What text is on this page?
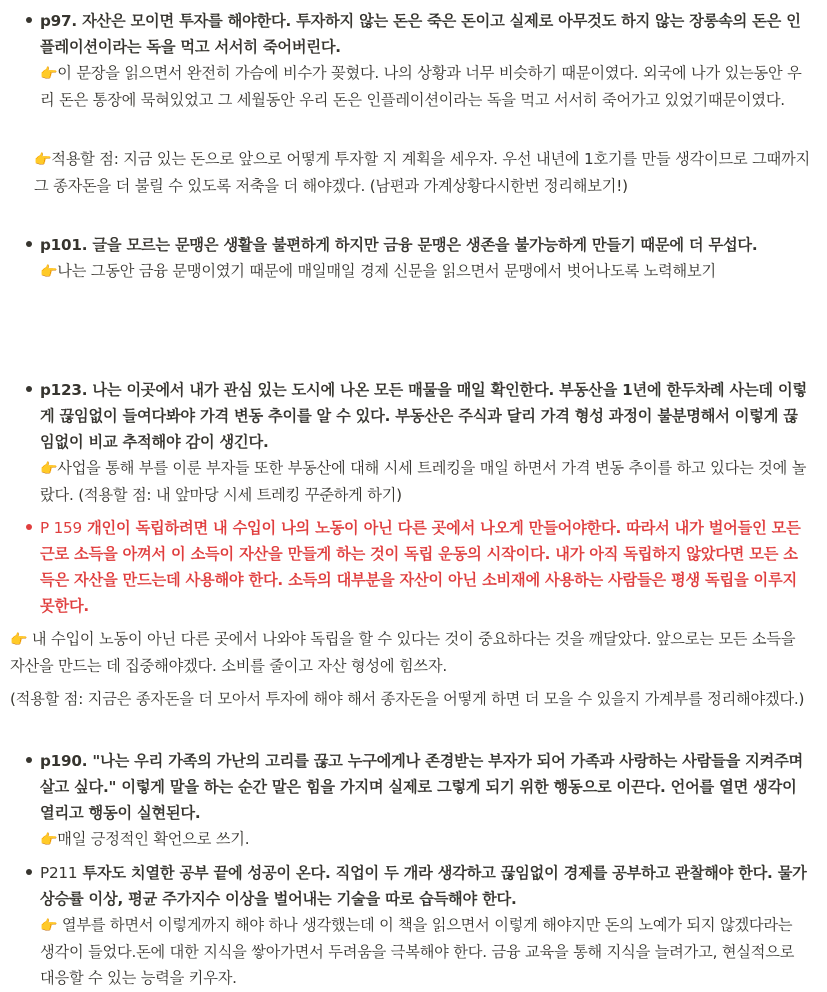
p97. 자산은 모이면 투자를 해야한다. 투자하지 않는 돈은 죽은 돈이고 실제로 아무것도 하지 않는 장롱속의 돈은 인플레이션이라는 독을 먹고 서서히 죽어버린다.
👉이 문장을 읽으면서 완전히 가슴에 비수가 꽂혔다. 나의 상황과 너무 비슷하기 때문이였다. 외국에 나가 있는동안 우리 돈은 통장에 묵혀있었고 그 세월동안 우리 돈은 인플레이션이라는 독을 먹고 서서히 죽어가고 있었기때문이였다.
👉적용할 점: 지금 있는 돈으로 앞으로 어떻게 투자할 지 계획을 세우자. 우선 내년에 1호기를 만들 생각이므로 그때까지 그 종자돈을 더 불릴 수 있도록 저축을 더 해야겠다. (남편과 가계상황다시한번 정리해보기!)
p101. 글을 모르는 문맹은 생활을 불편하게 하지만 금융 문맹은 생존을 불가능하게 만들기 때문에 더 무섭다.
👉나는 그동안 금융 문맹이였기 때문에 매일매일 경제 신문을 읽으면서 문맹에서 벗어나도록 노력해보기
p123. 나는 이곳에서 내가 관심 있는 도시에 나온 모든 매물을 매일 확인한다. 부동산을 1년에 한두차례 사는데 이렇게 끊임없이 들여다봐야 가격 변동 추이를 알 수 있다. 부동산은 주식과 달리 가격 형성 과정이 불분명해서 이렇게 끊임없이 비교 추적해야 감이 생긴다.
👉사업을 통해 부를 이룬 부자들 또한 부동산에 대해 시세 트레킹을 매일 하면서 가격 변동 추이를 하고 있다는 것에 놀랐다. (적용할 점: 내 앞마당 시세 트레킹 꾸준하게 하기)
P 159 개인이 독립하려면 내 수입이 나의 노동이 아닌 다른 곳에서 나오게 만들어야한다. 따라서 내가 벌어들인 모든 근로 소득을 아껴서 이 소득이 자산을 만들게 하는 것이 독립 운동의 시작이다. 내가 아직 독립하지 않았다면 모든 소득은 자산을 만드는데 사용해야 한다. 소득의 대부분을 자산이 아닌 소비재에 사용하는 사람들은 평생 독립을 이루지 못한다.
👉 내 수입이 노동이 아닌 다른 곳에서 나와야 독립을 할 수 있다는 것이 중요하다는 것을 깨달았다. 앞으로는 모든 소득을 자산을 만드는 데 집중해야겠다. 소비를 줄이고 자산 형성에 힘쓰자.
(적용할 점: 지금은 종자돈을 더 모아서 투자에 해야 해서 종자돈을 어떻게 하면 더 모을 수 있을지 가계부를 정리해야겠다.)
p190. "나는 우리 가족의 가난의 고리를 끊고 누구에게나 존경받는 부자가 되어 가족과 사랑하는 사람들을 지켜주며 살고 싶다." 이렇게 말을 하는 순간 말은 힘을 가지며 실제로 그렇게 되기 위한 행동으로 이끈다. 언어를 열면 생각이 열리고 행동이 실현된다.
👉매일 긍정적인 확언으로 쓰기.
P211 투자도 치열한 공부 끝에 성공이 온다. 직업이 두 개라 생각하고 끊임없이 경제를 공부하고 관찰해야 한다. 물가 상승률 이상, 평균 주가지수 이상을 벌어내는 기술을 따로 습득해야 한다.
👉 열부를 하면서 이렇게까지 해야 하나 생각했는데 이 책을 읽으면서 이렇게 해야지만 돈의 노예가 되지 않겠다라는 생각이 들었다.돈에 대한 지식을 쌓아가면서 두려움을 극복해야 한다. 금융 교육을 통해 지식을 늘려가고, 현실적으로 대응할 수 있는 능력을 키우자.
